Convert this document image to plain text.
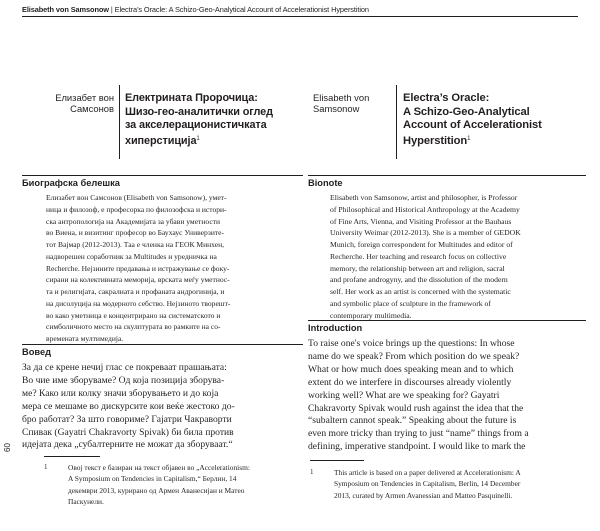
Elisabeth von Samsonow | Electra’s Oracle: A Schizo-Geo-Analytical Account of Accelerationist Hyperstition
60
Елизабет вон
Самсонов
Електрината Пророчица:
Шизо-гео-аналитички оглед
за акселерационистичката
хиперстиција$^1$
Биографска белешка
Елизабет вон Самсонов (Elisabeth von Samsonow), умет-
ница и филозоф, е професорка по филозофска и истори-
ска антропологија на Академијата за убави уметности
во Виена, и визитинг професор во Баухаус Универзите-
тот Вајмар (2012-2013). Таа е членка на ГЕОК Минхен,
надворешен соработник за Multitudes и уредничка на
Recherche. Нејзините предавања и истражување се фоку-
сирани на колективната меморија, врската меѓу уметнос-
та и религијата, сакралната и профаната андрогинија, и
на дисолуција на модерното себство. Нејзиното творешт-
во како уметница е концентрирано на систематското и
симболичното место на скулптурата во рамките на со-
времената мултимедија.
Вовед
За да се крене нечиј глас се покреваат прашањата:
Во чие име зборуваме? Од која позиција зборува-
ме? Како или колку значи зборувањето и до која
мера се мешаме во дискурсите кои веќе жестоко до-
бро работат? За што говориме? Гајатри Чакраворти
Спивак (Gayatri Chakravorty Spivak) би била против
идејата дека „субалтерните не можат да зборуваат.“
1	Овој текст е базиран на текст објавен во „Accelerationism:
A Symposium on Tendencies in Capitalism,“ Берлин, 14
декември 2013, курирано од Армен Аванесијан и Матео
Паскунели.
Elisabeth von
Samsonow
Electra’s Oracle:
A Schizo-Geo-Analytical
Account of Accelerationist
Hyperstition$^1$
Bionote
Elisabeth von Samsonow, artist and philosopher, is Professor
of Philosophical and Historical Anthropology at the Academy
of Fine Arts, Vienna, and Visiting Professor at the Bauhaus
University Weimar (2012-2013). She is a member of GEDOK
Munich, foreign correspondent for Multitudes and editor of
Recherche. Her teaching and research focus on collective
memory, the relationship between art and religion, sacral
and profane androgyny, and the dissolution of the modern
self. Her work as an artist is concerned with the systematic
and symbolic place of sculpture in the framework of
contemporary multimedia.
Introduction
To raise one's voice brings up the questions: In whose
name do we speak? From which position do we speak?
What or how much does speaking mean and to which
extent do we interfere in discourses already violently
working well? What are we speaking for? Gayatri
Chakravorty Spivak would rush against the idea that the
“subaltern cannot speak.” Speaking about the future is
even more tricky than trying to just “name” things from a
defining, imperative standpoint. I would like to mark the
1	This article is based on a paper delivered at Accelerationism: A
Symposium on Tendencies in Capitalism, Berlin, 14 December
2013, curated by Armen Avanessian and Matteo Pasquinelli.
